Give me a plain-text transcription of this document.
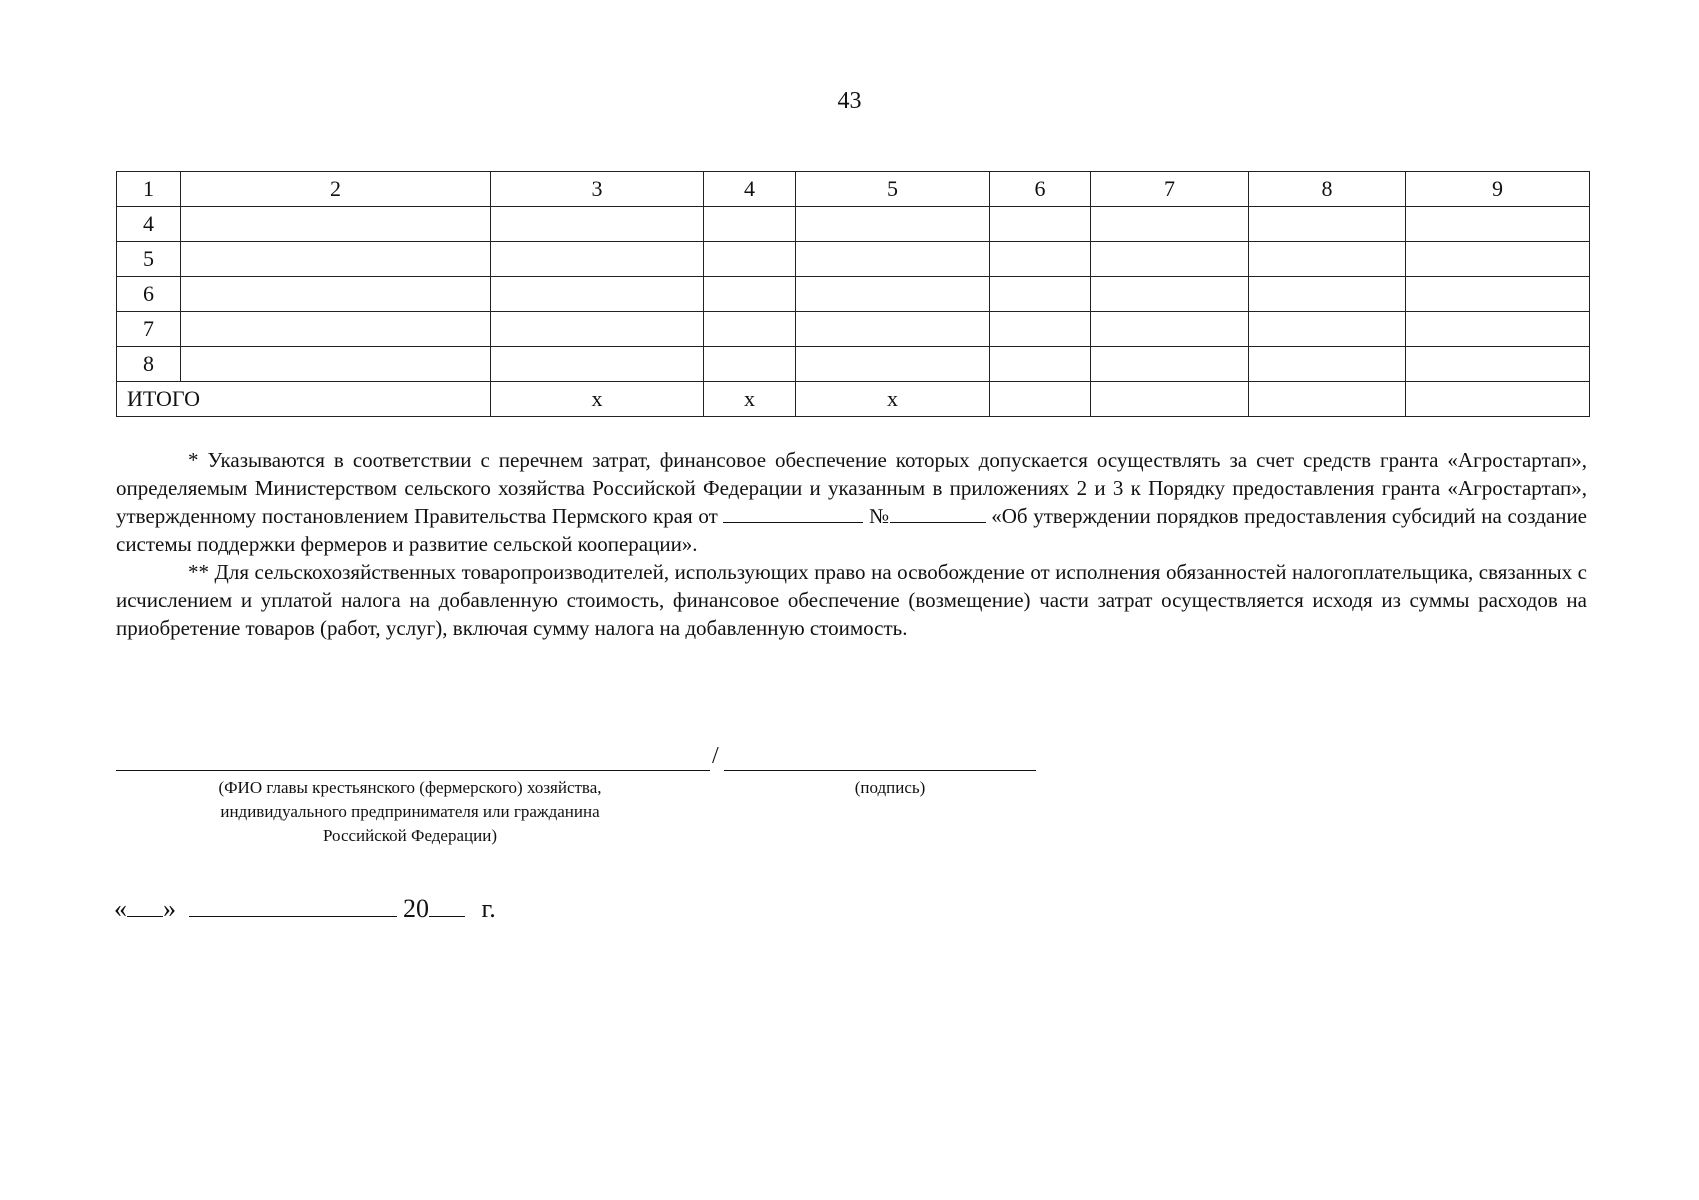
43
1	2	3	4	5	6	7	8	9
4								
5								
6								
7								
8								
ИТОГО		x	x	x				

* Указываются в соответствии с перечнем затрат, финансовое обеспечение которых допускается осуществлять за счет средств гранта «Агростартап», определяемым Министерством сельского хозяйства Российской Федерации и указанным в приложениях 2 и 3 к Порядку предоставления гранта «Агростартап», утвержденному постановлением Правительства Пермского края от	№	«Об утверждении порядков предоставления субсидий на создание системы поддержки фермеров и развитие сельской кооперации».

** Для сельскохозяйственных товаропроизводителей, использующих право на освобождение от исполнения обязанностей налогоплательщика, связанных с исчислением и уплатой налога на добавленную стоимость, финансовое обеспечение (возмещение) части затрат осуществляется исходя из суммы расходов на приобретение товаров (работ, услуг), включая сумму налога на добавленную стоимость.

/
(ФИО главы крестьянского (фермерского) хозяйства,
индивидуального предпринимателя или гражданина
Российской Федерации)
(подпись)
« »	20 г.
